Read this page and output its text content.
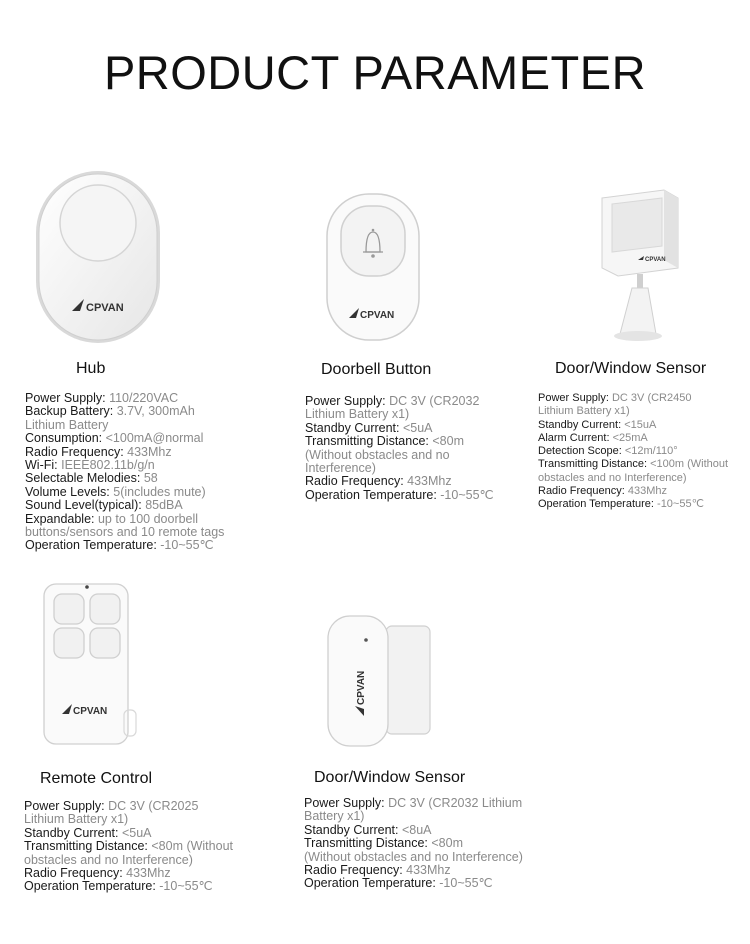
PRODUCT PARAMETER
CPVAN
CPVAN
CPVAN
CPVAN
CPVAN
Hub	Doorbell Button	Door/Window Sensor
Remote Control	Door/Window Sensor
Power Supply: 110/220VAC
Backup Battery: 3.7V, 300mAh
Lithium Battery
Consumption: <100mA@normal
Radio Frequency: 433Mhz
Wi-Fi: IEEE802.11b/g/n
Selectable Melodies: 58
Volume Levels: 5(includes mute)
Sound Level(typical): 85dBA
Expandable: up to 100 doorbell
buttons/sensors and 10 remote tags
Operation Temperature: -10~55℃
Power Supply: DC 3V (CR2032
Lithium Battery x1)
Standby Current: <5uA
Transmitting Distance: <80m
(Without obstacles and no
Interference)
Radio Frequency: 433Mhz
Operation Temperature: -10~55℃
Power Supply: DC 3V (CR2450
Lithium Battery x1)
Standby Current: <15uA
Alarm Current: <25mA
Detection Scope: <12m/110°
Transmitting Distance: <100m (Without
obstacles and no Interference)
Radio Frequency: 433Mhz
Operation Temperature: -10~55℃
Power Supply: DC 3V (CR2025
Lithium Battery x1)
Standby Current: <5uA
Transmitting Distance: <80m (Without
obstacles and no Interference)
Radio Frequency: 433Mhz
Operation Temperature: -10~55℃
Power Supply: DC 3V (CR2032 Lithium
Battery x1)
Standby Current: <8uA
Transmitting Distance: <80m
(Without obstacles and no Interference)
Radio Frequency: 433Mhz
Operation Temperature: -10~55℃
